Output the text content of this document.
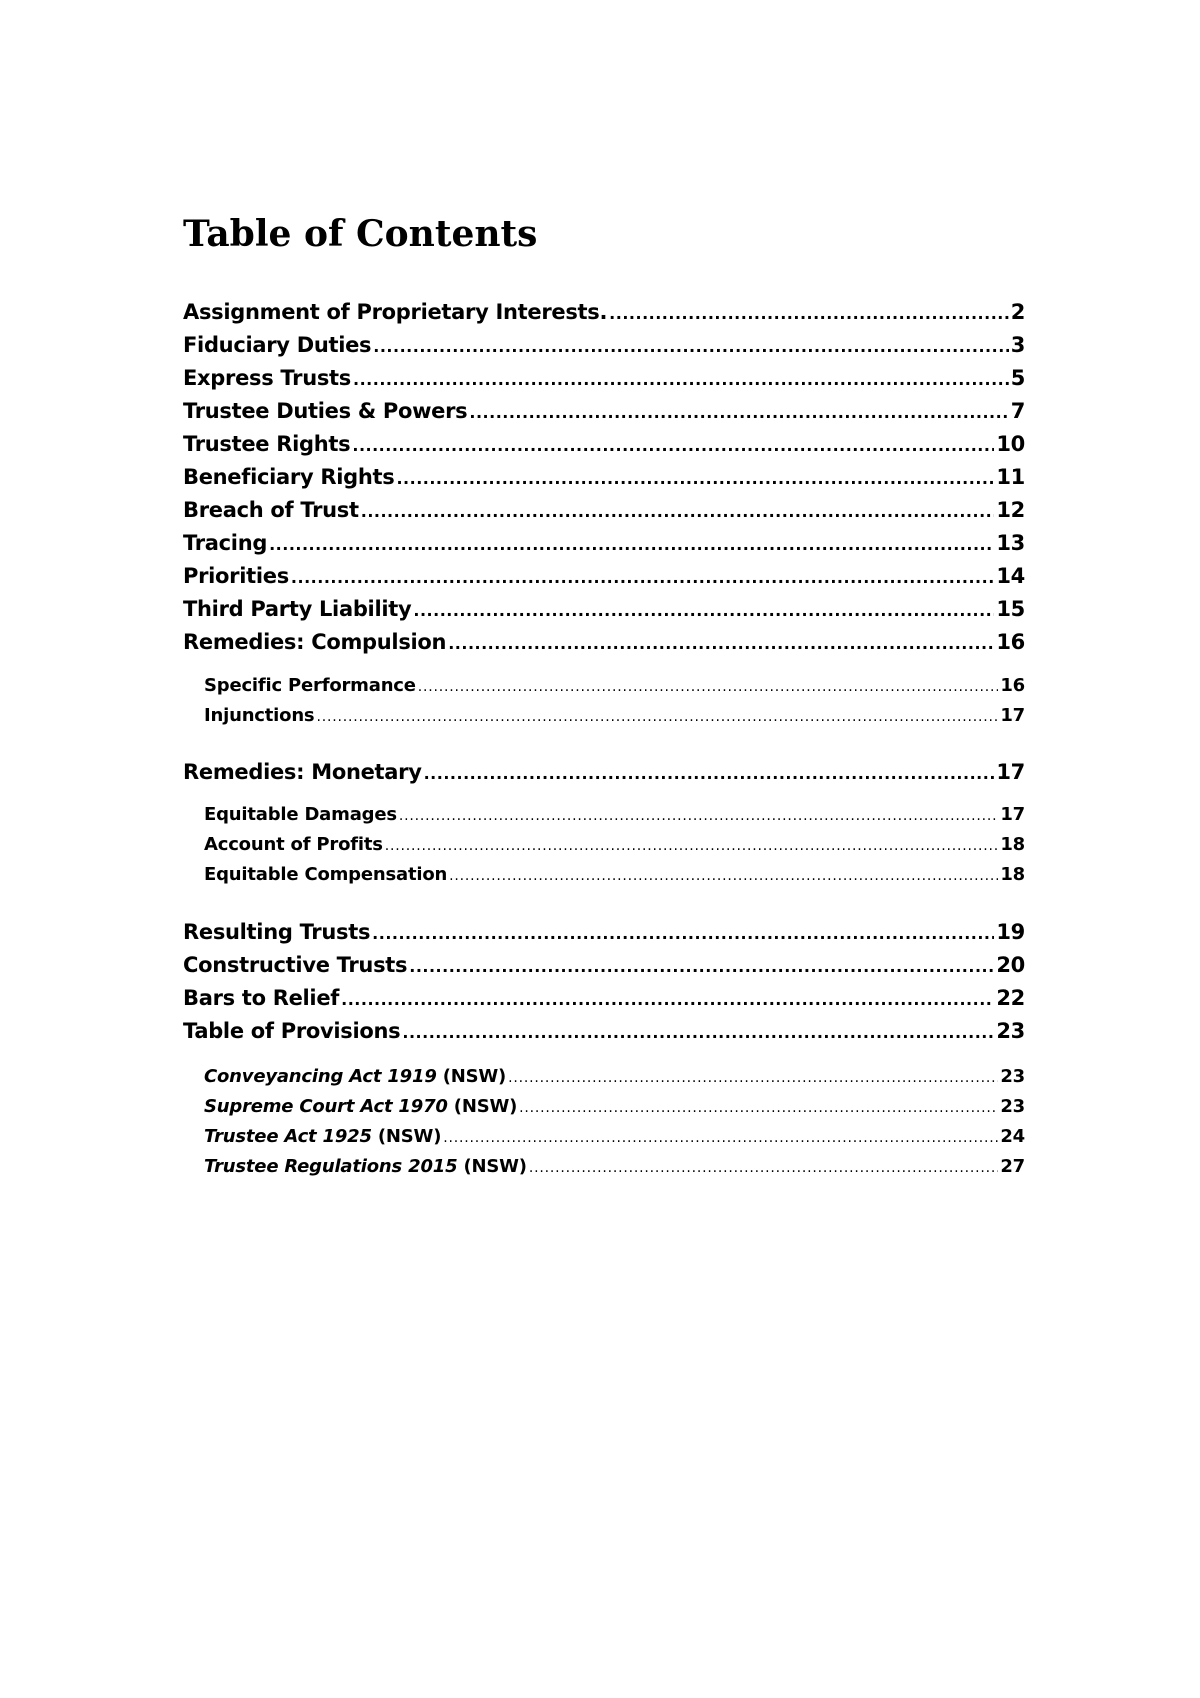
Table of Contents
Assignment of Proprietary Interests. .....	2
Fiduciary Duties .....	3
Express Trusts .....	5
Trustee Duties & Powers .....	7
Trustee Rights .....	10
Beneficiary Rights .....	11
Breach of Trust .....	12
Tracing .....	13
Priorities .....	14
Third Party Liability .....	15
Remedies: Compulsion .....	16
Specific Performance .....	16
Injunctions .....	17
Remedies: Monetary .....	17
Equitable Damages .....	17
Account of Profits .....	18
Equitable Compensation .....	18
Resulting Trusts .....	19
Constructive Trusts .....	20
Bars to Relief .....	22
Table of Provisions .....	23
Conveyancing Act 1919 (NSW) .....	23
Supreme Court Act 1970 (NSW) .....	23
Trustee Act 1925 (NSW) .....	24
Trustee Regulations 2015 (NSW) .....	27
